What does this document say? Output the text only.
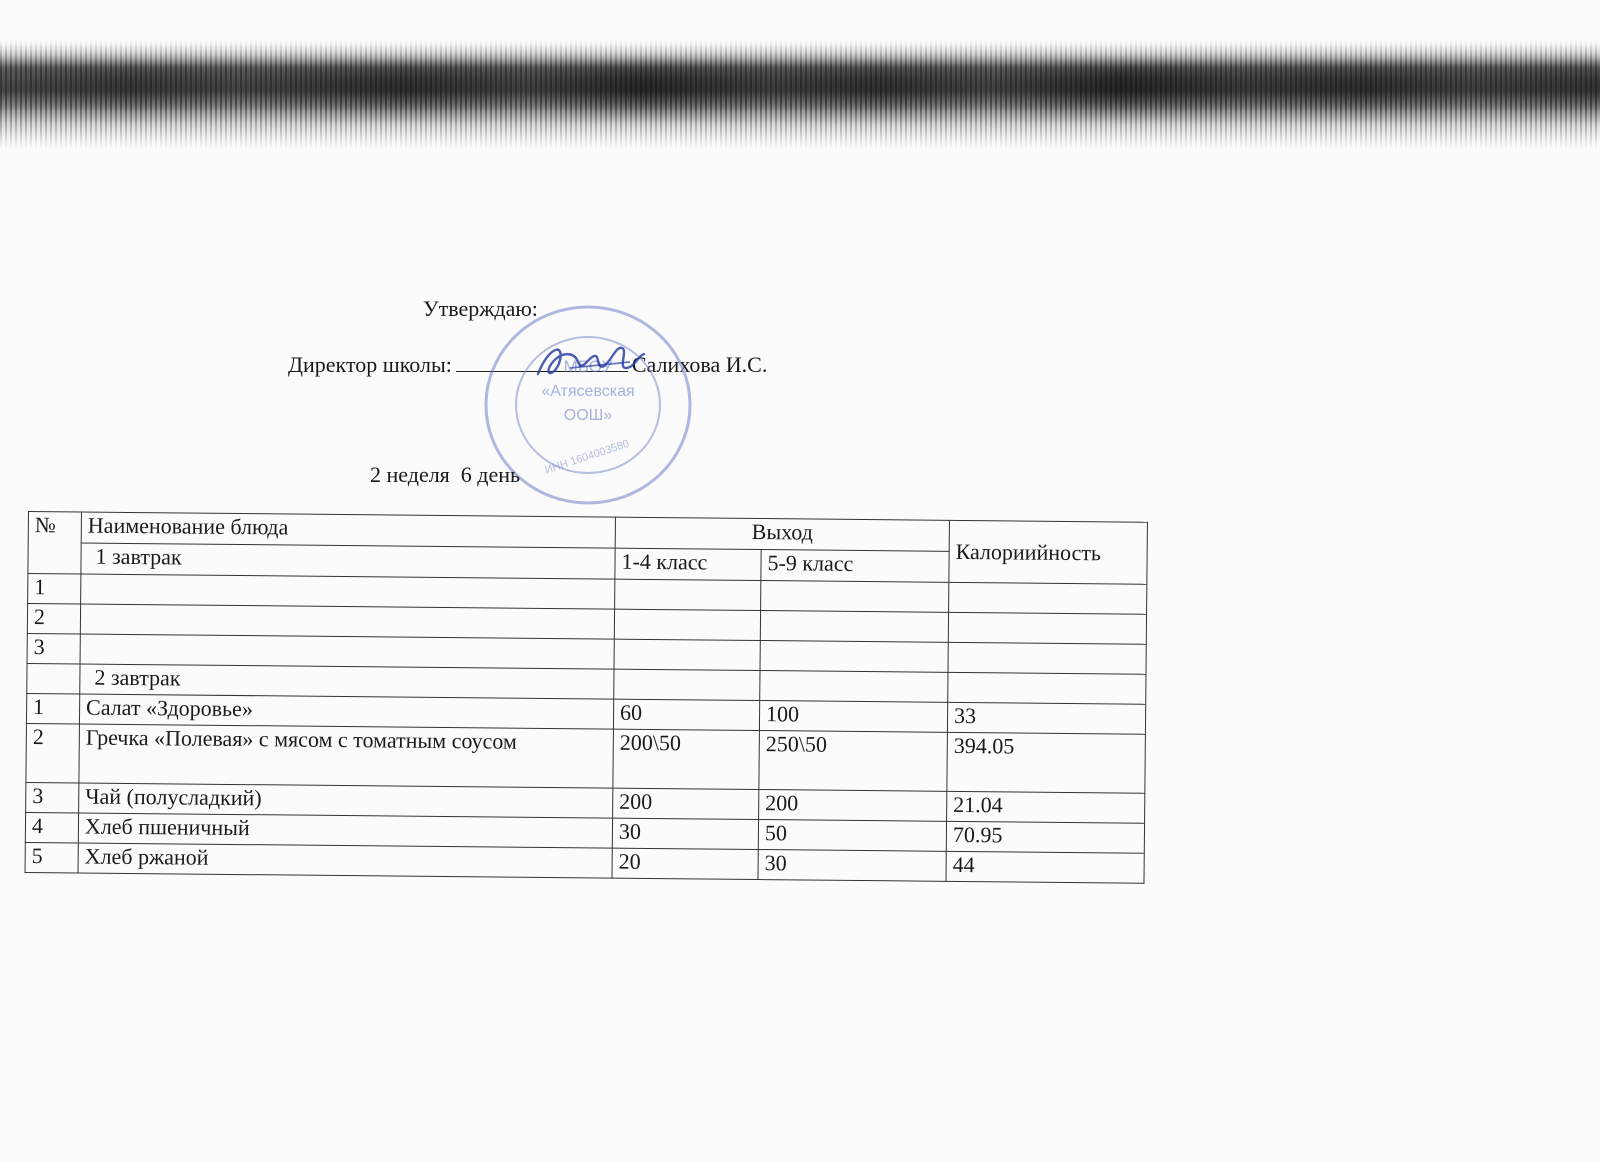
Утверждаю:
Директор школы:	Салихова И.С.
МБОУ
«Атясевская
ООШ»
ИНН 1604003580
2 неделя  6 день
№	Наименование блюда	Выход		Калориийность
	1 завтрак	1-4 класс	5-9 класс	
1				
2				
3				
	2 завтрак			
1	Салат «Здоровье»	60	100	33
2	Гречка «Полевая» с мясом с томатным соусом	200\50	250\50	394.05
3	Чай (полусладкий)	200	200	21.04
4	Хлеб пшеничный	30	50	70.95
5	Хлеб ржаной	20	30	44
